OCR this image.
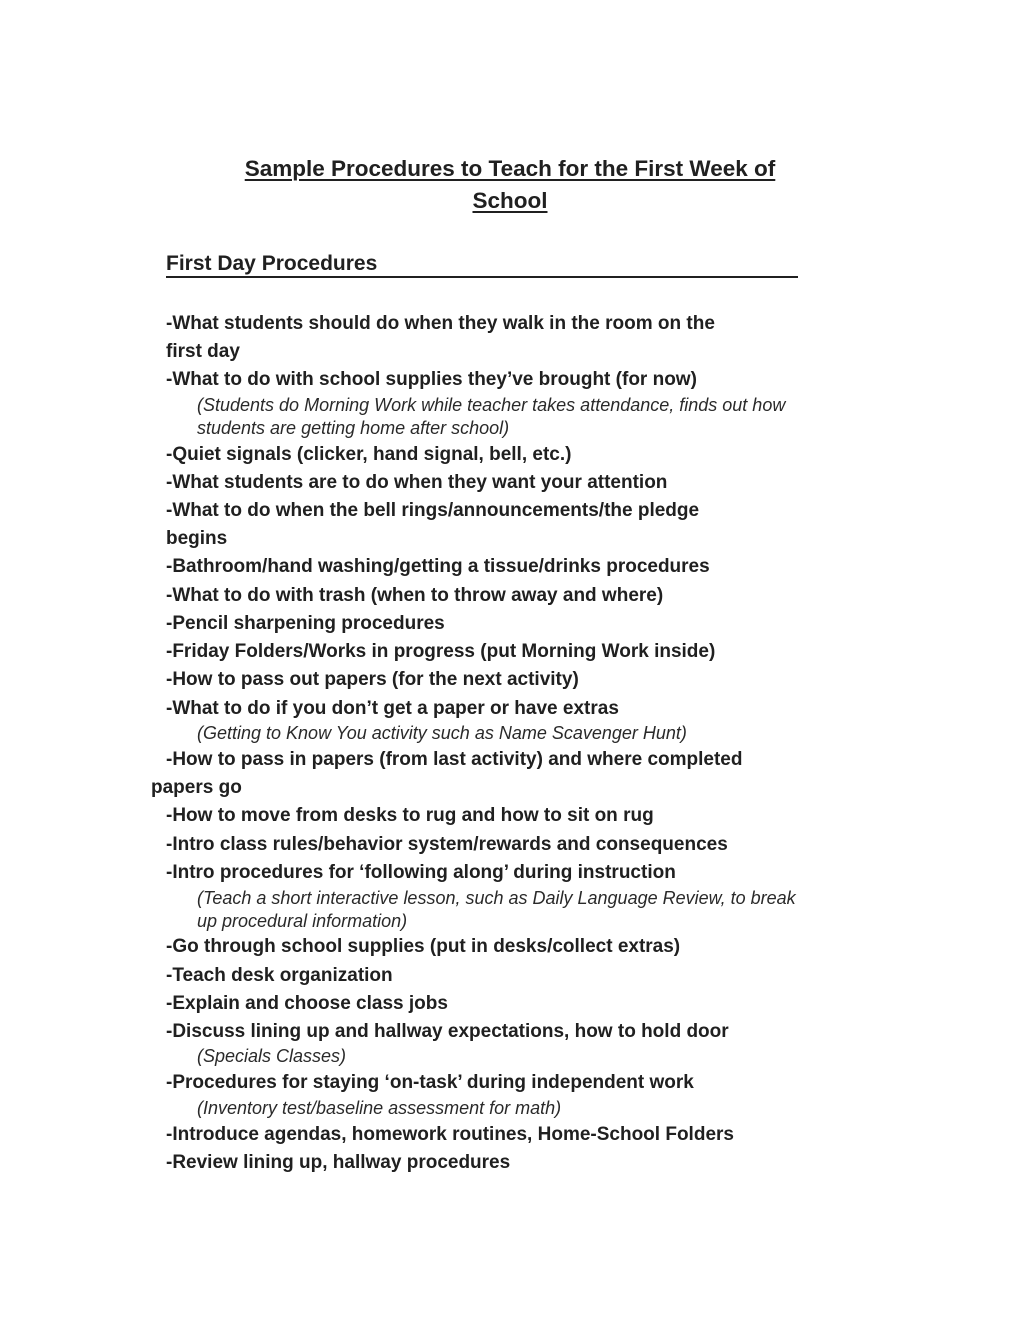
Sample Procedures to Teach for the First Week of
School
First Day Procedures

-What students should do when they walk in the room on the

first day

-What to do with school supplies they’ve brought (for now)

(Students do Morning Work while teacher takes attendance, finds out how

students are getting home after school)

-Quiet signals (clicker, hand signal, bell, etc.)

-What students are to do when they want your attention

-What to do when the bell rings/announcements/the pledge

begins

-Bathroom/hand washing/getting a tissue/drinks procedures

-What to do with trash (when to throw away and where)

-Pencil sharpening procedures

-Friday Folders/Works in progress (put Morning Work inside)

-How to pass out papers (for the next activity)

-What to do if you don’t get a paper or have extras

(Getting to Know You activity such as Name Scavenger Hunt)

-How to pass in papers (from last activity) and where completed

papers go

-How to move from desks to rug and how to sit on rug

-Intro class rules/behavior system/rewards and consequences

-Intro procedures for ‘following along’ during instruction

(Teach a short interactive lesson, such as Daily Language Review, to break

up procedural information)

-Go through school supplies (put in desks/collect extras)

-Teach desk organization

-Explain and choose class jobs

-Discuss lining up and hallway expectations, how to hold door

(Specials Classes)

-Procedures for staying ‘on-task’ during independent work

(Inventory test/baseline assessment for math)

-Introduce agendas, homework routines, Home-School Folders

-Review lining up, hallway procedures
